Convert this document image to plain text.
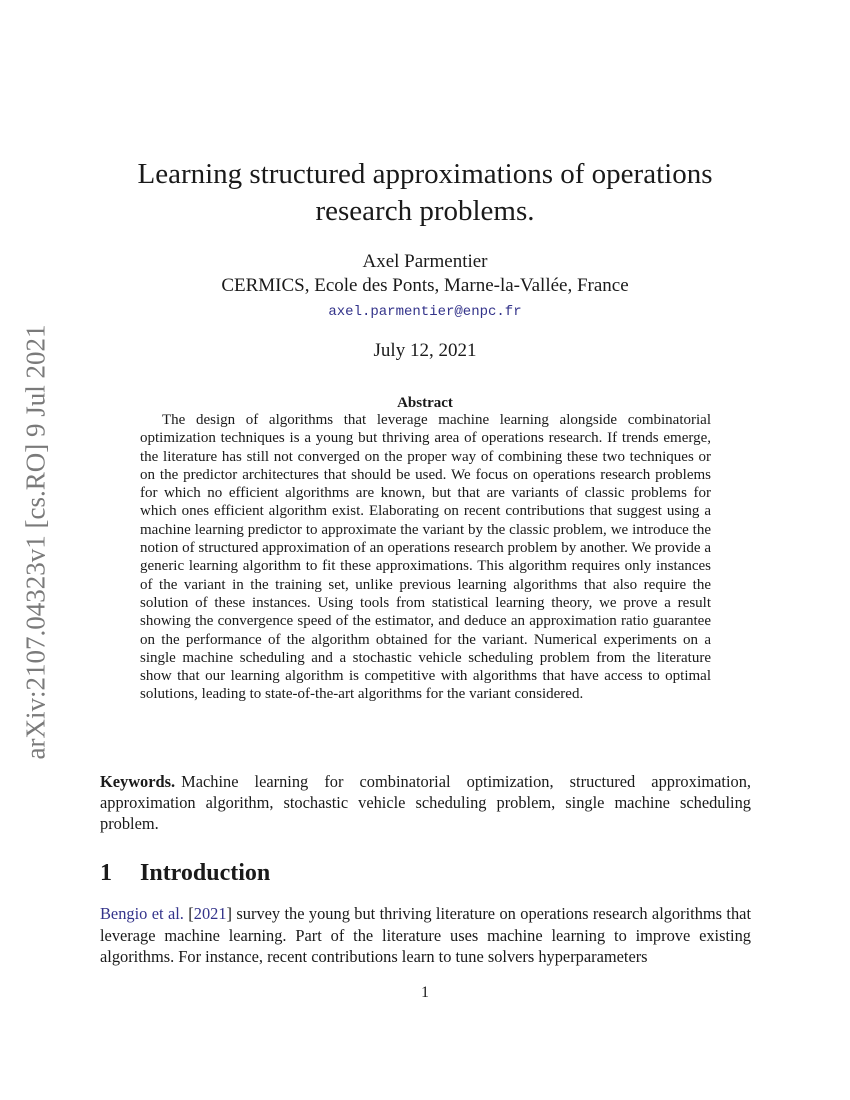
arXiv:2107.04323v1 [cs.RO] 9 Jul 2021
Learning structured approximations of operations research problems.
Axel Parmentier
CERMICS, Ecole des Ponts, Marne-la-Vallée, France
axel.parmentier@enpc.fr
July 12, 2021
Abstract

The design of algorithms that leverage machine learning alongside combinatorial optimization techniques is a young but thriving area of operations research. If trends emerge, the literature has still not converged on the proper way of combining these two techniques or on the predictor architectures that should be used. We focus on operations research problems for which no efficient algorithms are known, but that are variants of classic problems for which ones efficient algorithm exist. Elaborating on recent contributions that suggest using a machine learning predictor to approximate the variant by the classic problem, we introduce the notion of structured approximation of an operations research problem by another. We provide a generic learning algorithm to fit these approximations. This algorithm requires only instances of the variant in the training set, unlike previous learning algorithms that also require the solution of these instances. Using tools from statistical learning theory, we prove a result showing the convergence speed of the estimator, and deduce an approximation ratio guarantee on the performance of the algorithm obtained for the variant. Numerical experiments on a single machine scheduling and a stochastic vehicle scheduling problem from the literature show that our learning algorithm is competitive with algorithms that have access to optimal solutions, leading to state-of-the-art algorithms for the variant considered.

Keywords. Machine learning for combinatorial optimization, structured approximation, approximation algorithm, stochastic vehicle scheduling problem, single machine scheduling problem.

1 Introduction

Bengio et al. [2021] survey the young but thriving literature on operations research algorithms that leverage machine learning. Part of the literature uses machine learning to improve existing algorithms. For instance, recent contributions learn to tune solvers hyperparameters

1
